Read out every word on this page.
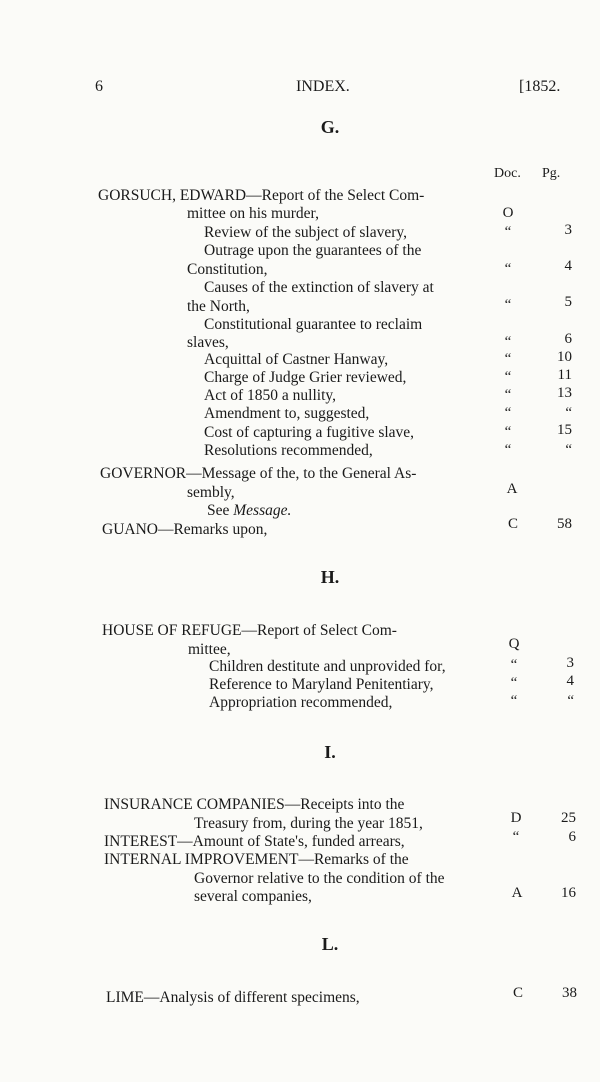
6	INDEX.	[1852.
G.
Doc. Pg.
GORSUCH, EDWARD—Report of the Select Com-
mittee on his murder,	O
Review of the subject of slavery,	“	3
Outrage upon the guarantees of the
Constitution,	“	4
Causes of the extinction of slavery at
the North,	“	5
Constitutional guarantee to reclaim
slaves,	“	6
Acquittal of Castner Hanway,	“	10
Charge of Judge Grier reviewed,	“	11
Act of 1850 a nullity,	“	13
Amendment to, suggested,	“	“
Cost of capturing a fugitive slave,	“	15
Resolutions recommended,	“	“
GOVERNOR—Message of the, to the General As-
sembly,	A
See Message.
GUANO—Remarks upon,	C	58
H.
HOUSE OF REFUGE—Report of Select Com-
mittee,	Q
Children destitute and unprovided for,	“	3
Reference to Maryland Penitentiary,	“	4
Appropriation recommended,	“	“
I.
INSURANCE COMPANIES—Receipts into the
Treasury from, during the year 1851,	D	25
INTEREST—Amount of State's, funded arrears,	“	6
INTERNAL IMPROVEMENT—Remarks of the
Governor relative to the condition of the
several companies,	A	16
L.
LIME—Analysis of different specimens,	C	38
